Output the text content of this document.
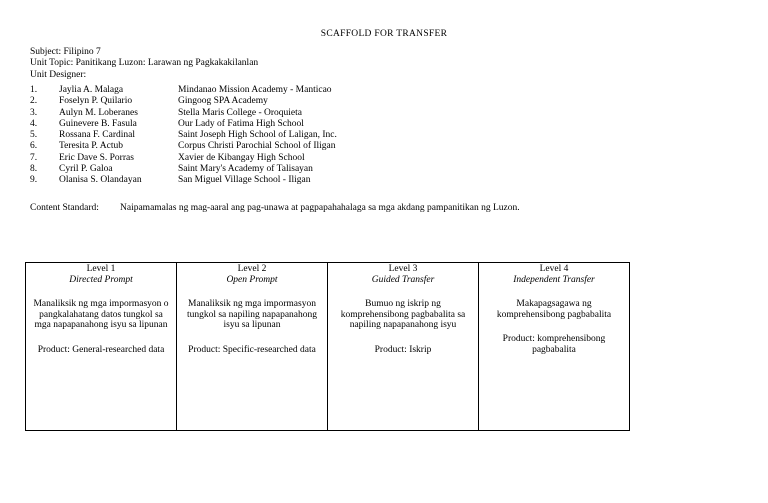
SCAFFOLD FOR TRANSFER
Subject: Filipino 7
Unit Topic: Panitikang Luzon: Larawan ng Pagkakakilanlan
Unit Designer:
1. Jaylia A. Malaga	Mindanao Mission Academy - Manticao
2. Foselyn P. Quilario	Gingoog SPA Academy
3. Aulyn M. Loberanes	Stella Maris College - Oroquieta
4. Guinevere B. Fasula	Our Lady of Fatima High School
5. Rossana F. Cardinal	Saint Joseph High School of Laligan, Inc.
6. Teresita P. Actub	Corpus Christi Parochial School of Iligan
7. Eric Dave S. Porras	Xavier de Kibangay High School
8. Cyril P. Galoa	Saint Mary's Academy of Talisayan
9. Olanisa S. Olandayan	San Miguel Village School - Iligan
Content Standard: Naipamamalas ng mag-aaral ang pag-unawa at pagpapahahalaga sa mga akdang pampanitikan ng Luzon.
Level 1
Directed Prompt
Manaliksik ng mga impormasyon o pangkalahatang datos tungkol sa mga napapanahong isyu sa lipunan
Product: General-researched data

Level 2
Open Prompt
Manaliksik ng mga impormasyon tungkol sa napiling napapanahong isyu sa lipunan
Product: Specific-researched data

Level 3
Guided Transfer
Bumuo ng iskrip ng komprehensibong pagbabalita sa napiling napapanahong isyu
Product: Iskrip

Level 4
Independent Transfer
Makapagsagawa ng komprehensibong pagbabalita
Product: komprehensibong pagbabalita
